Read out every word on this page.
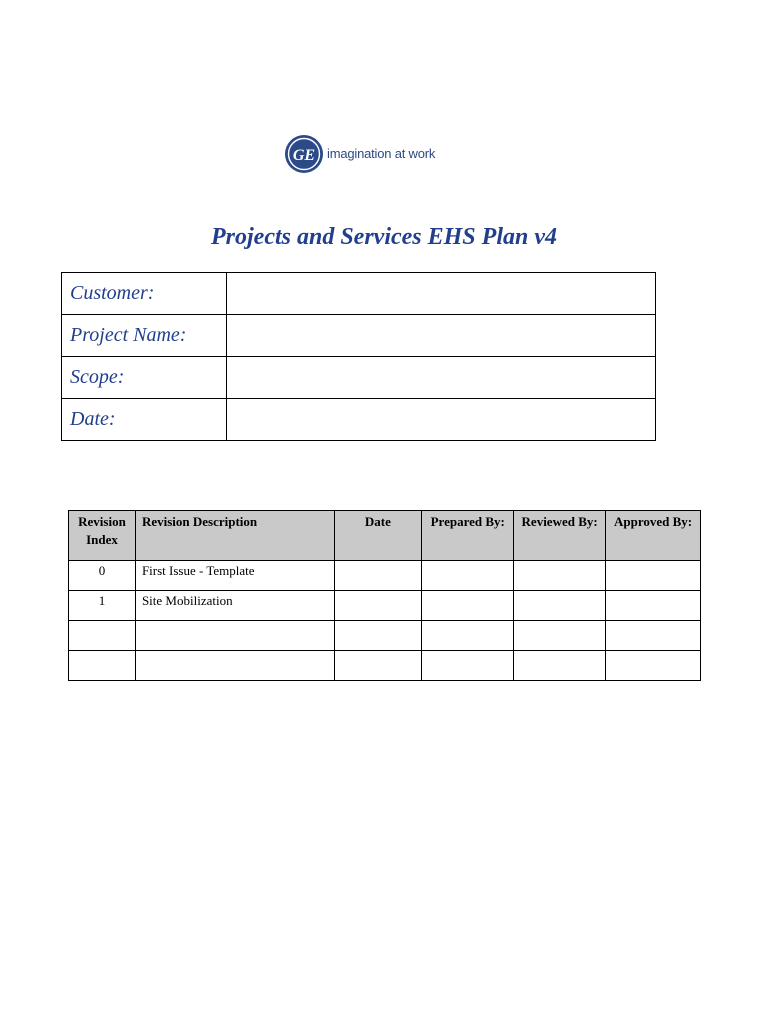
GE imagination at work
Projects and Services EHS Plan v4
Customer:	
Project Name:	
Scope:	
Date:	
Revision Index	Revision Description	Date	Prepared By:	Reviewed By:	Approved By:
0	First Issue - Template				
1	Site Mobilization				
